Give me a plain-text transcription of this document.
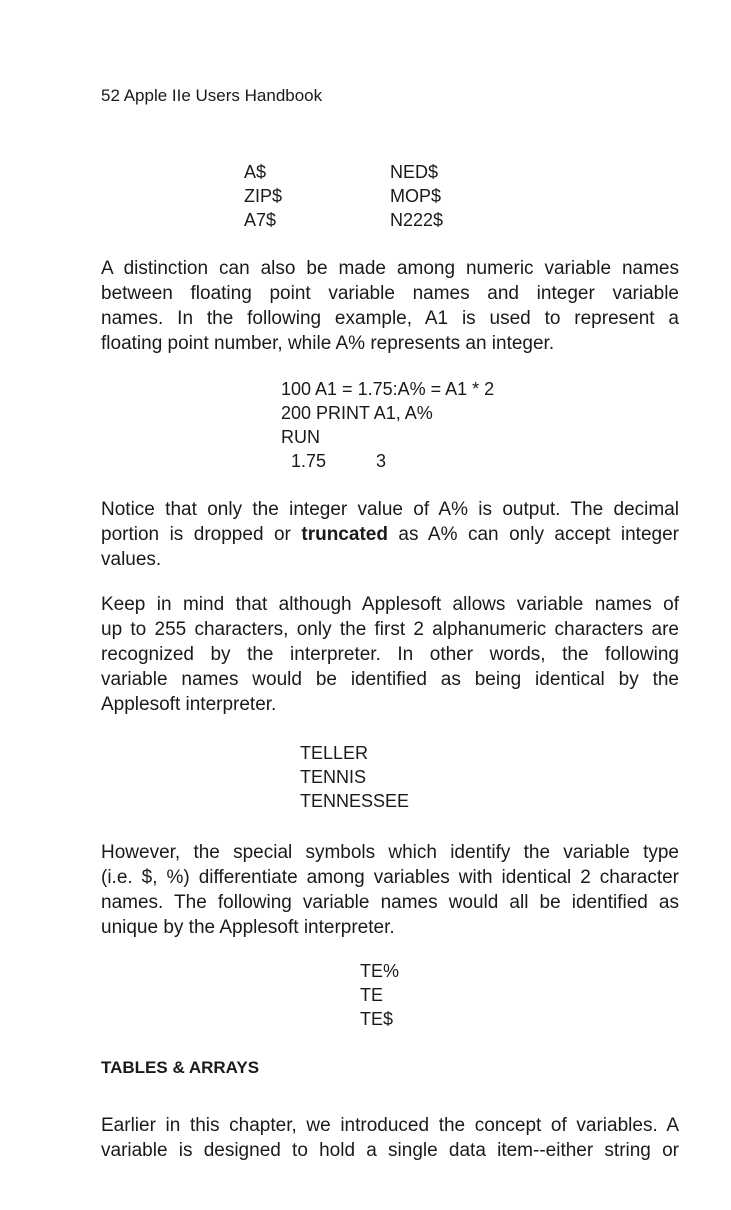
52 Apple IIe Users Handbook
A$	NED$
ZIP$	MOP$
A7$	N222$

A distinction can also be made among numeric variable names
between floating point variable names and integer variable
names. In the following example, A1 is used to represent a
floating point number, while A% represents an integer.

100 A1 = 1.75:A% = A1 * 2
200 PRINT A1, A%
RUN
1.75          3

Notice that only the integer value of A% is output. The decimal
portion is dropped or truncated as A% can only accept integer
values.

Keep in mind that although Applesoft allows variable names of
up to 255 characters, only the first 2 alphanumeric characters are
recognized by the interpreter. In other words, the following
variable names would be identified as being identical by the
Applesoft interpreter.

TELLER
TENNIS
TENNESSEE

However, the special symbols which identify the variable type
(i.e. $, %) differentiate among variables with identical 2 character
names. The following variable names would all be identified as
unique by the Applesoft interpreter.

TE%
TE
TE$
TABLES & ARRAYS

Earlier in this chapter, we introduced the concept of variables. A
variable is designed to hold a single data item--either string or
